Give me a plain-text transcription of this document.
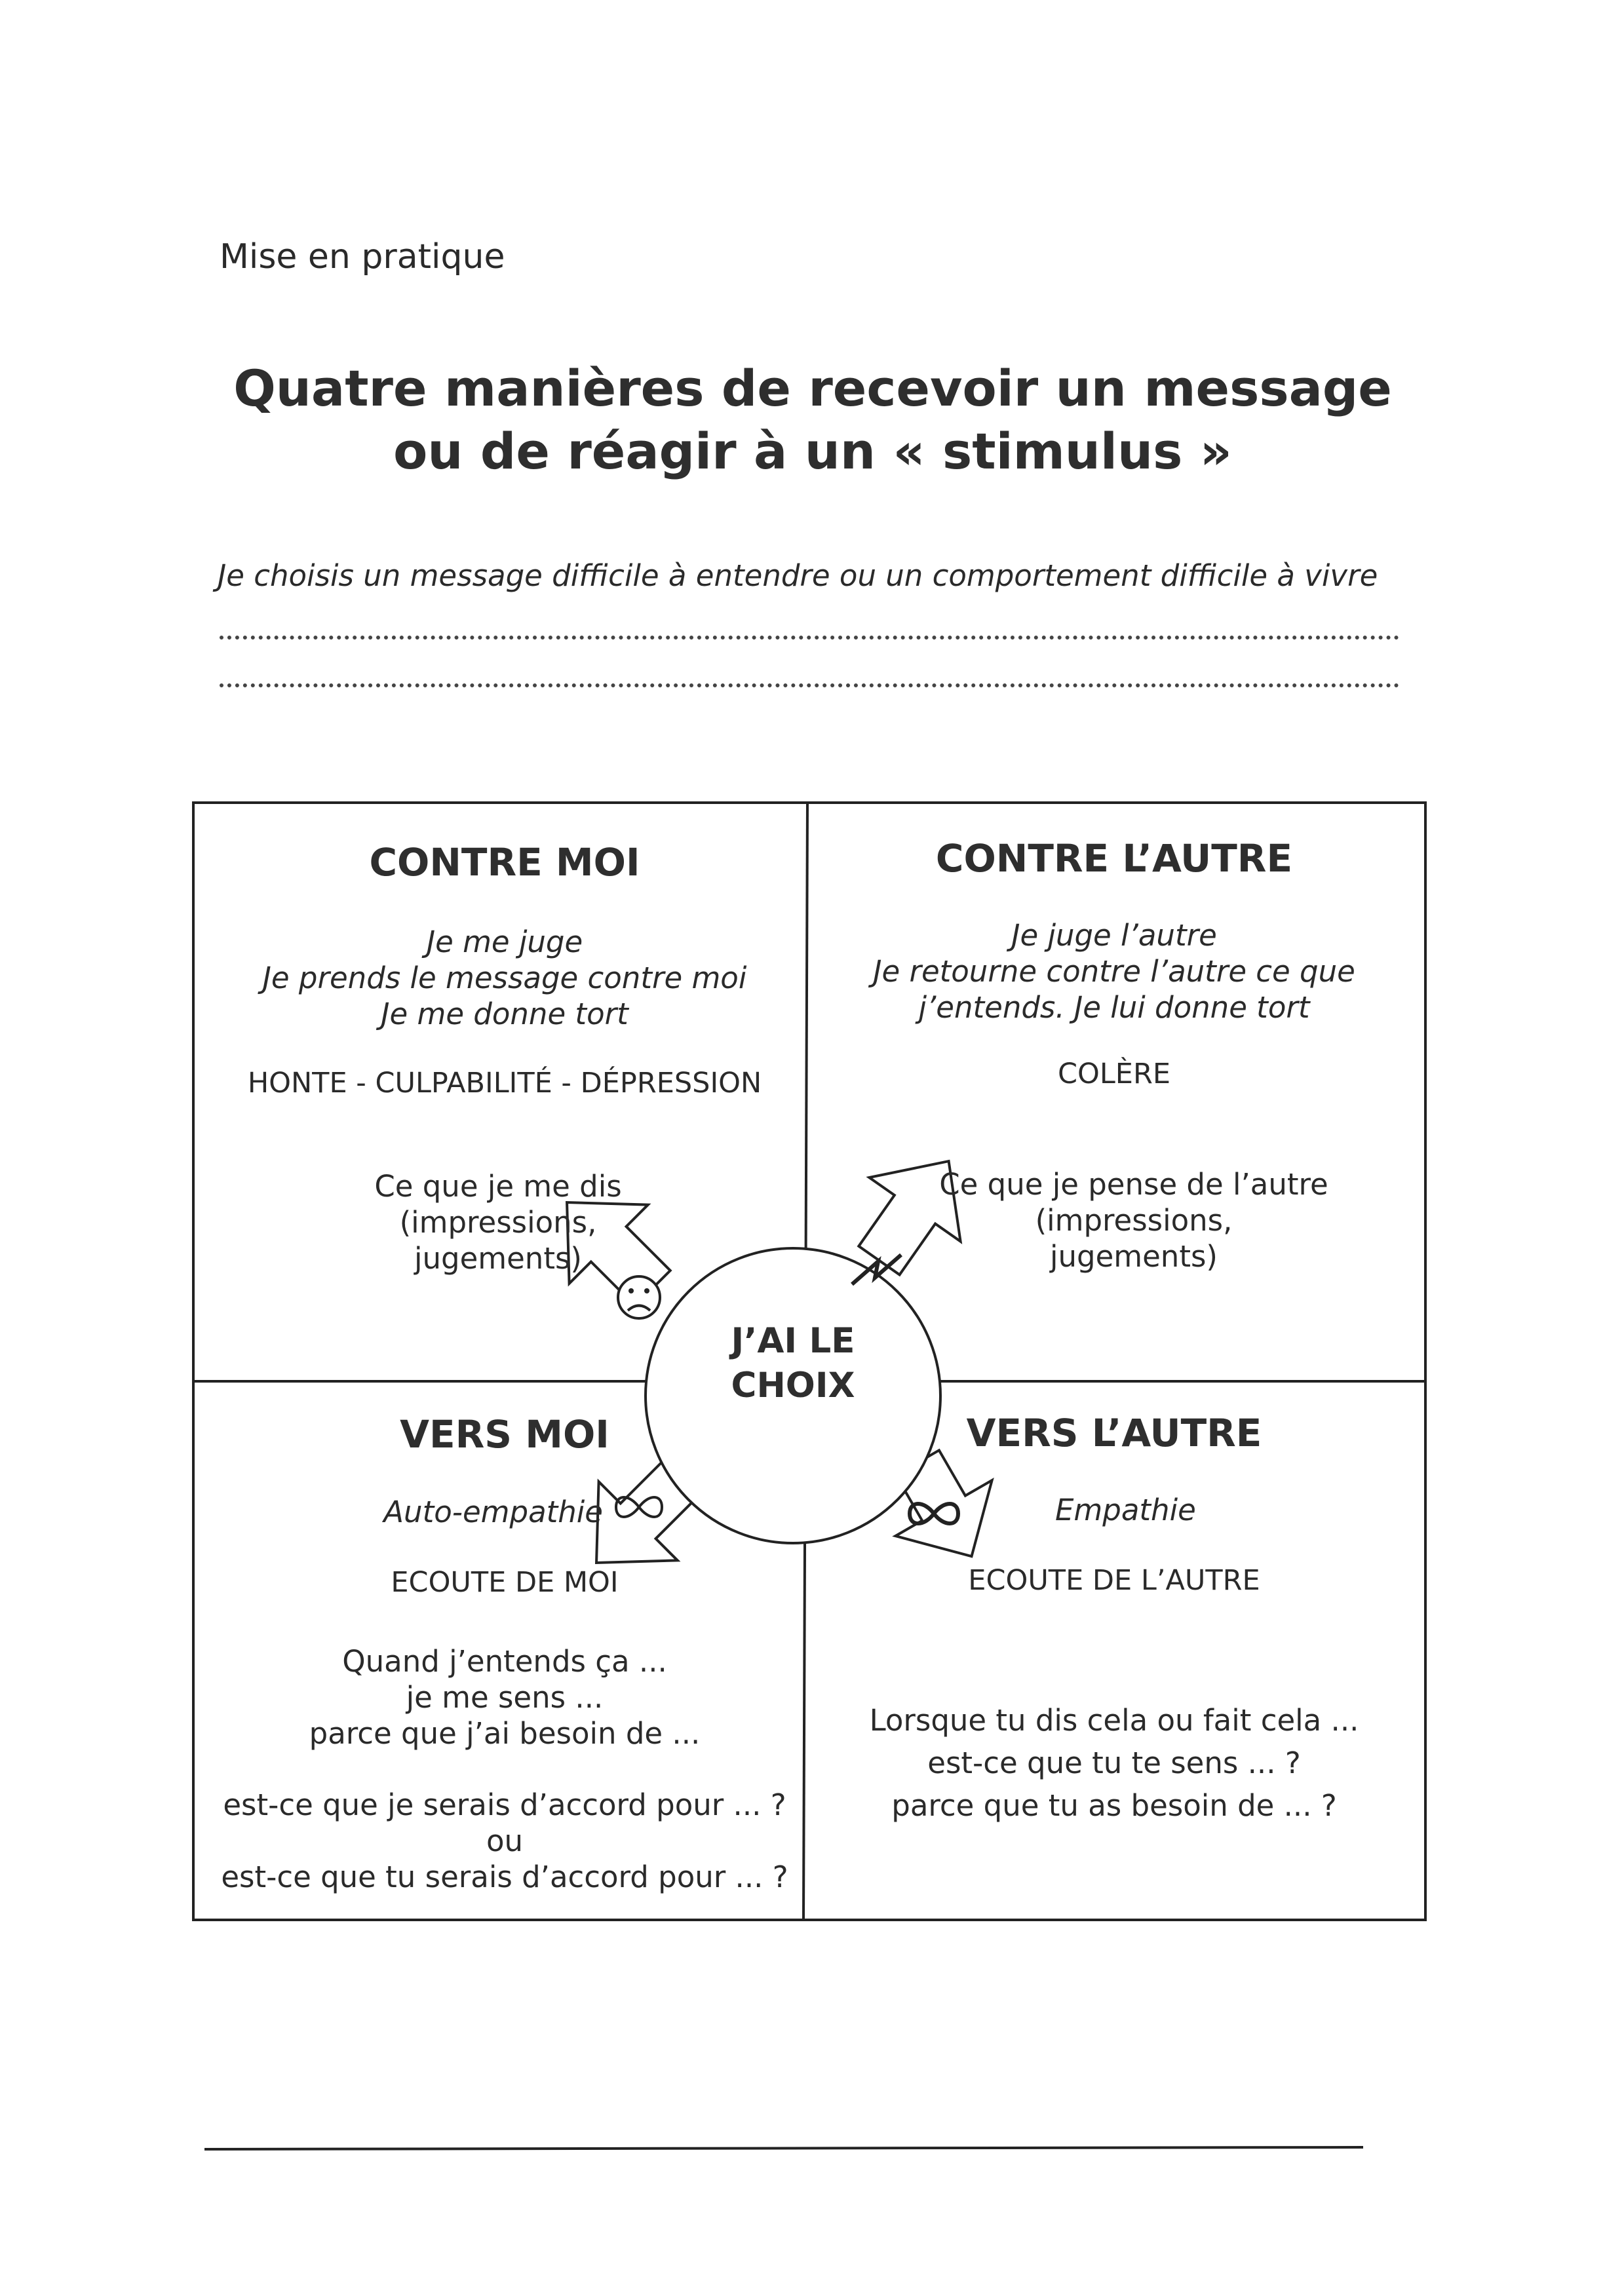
Mise en pratique
Quatre manières de recevoir un message
ou de réagir à un « stimulus »
Je choisis un message difficile à entendre ou un comportement difficile à vivre
J’AI LE
CHOIX
CONTRE MOI
Je me juge
Je prends le message contre moi
Je me donne tort
HONTE - CULPABILITÉ - DÉPRESSION
Ce que je me dis
(impressions,
jugements)
CONTRE L’AUTRE
Je juge l’autre
Je retourne contre l’autre ce que
j’entends. Je lui donne tort
COLÈRE
Ce que je pense de l’autre
(impressions,
jugements)
VERS MOI
Auto-empathie
ECOUTE DE MOI
Quand j’entends ça ...
je me sens ...
parce que j’ai besoin de ...
est-ce que je serais d’accord pour ... ?
ou
est-ce que tu serais d’accord pour ... ?
VERS L’AUTRE
Empathie
ECOUTE DE L’AUTRE
Lorsque tu dis cela ou fait cela ...
est-ce que tu te sens ... ?
parce que tu as besoin de ... ?
